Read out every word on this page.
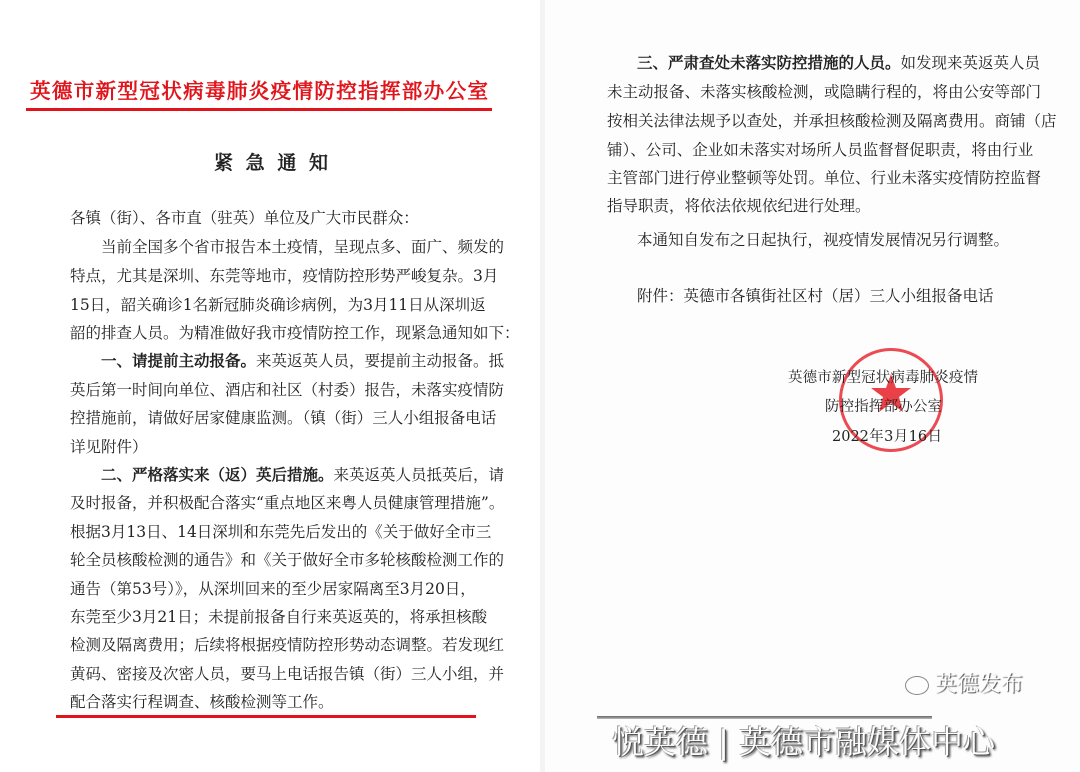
英德市新型冠状病毒肺炎疫情防控指挥部办公室
紧急通知
各镇（街）、各市直（驻英）单位及广大市民群众：
当前全国多个省市报告本土疫情，呈现点多、面广、频发的
特点，尤其是深圳、东莞等地市，疫情防控形势严峻复杂。3月
15日，韶关确诊1名新冠肺炎确诊病例，为3月11日从深圳返
韶的排查人员。为精准做好我市疫情防控工作，现紧急通知如下：
一、请提前主动报备。来英返英人员，要提前主动报备。抵
英后第一时间向单位、酒店和社区（村委）报告，未落实疫情防
控措施前，请做好居家健康监测。（镇（街）三人小组报备电话
详见附件）
二、严格落实来（返）英后措施。来英返英人员抵英后，请
及时报备，并积极配合落实“重点地区来粤人员健康管理措施”。
根据3月13日、14日深圳和东莞先后发出的《关于做好全市三
轮全员核酸检测的通告》和《关于做好全市多轮核酸检测工作的
通告（第53号）》，从深圳回来的至少居家隔离至3月20日，
东莞至少3月21日；未提前报备自行来英返英的，将承担核酸
检测及隔离费用；后续将根据疫情防控形势动态调整。若发现红
黄码、密接及次密人员，要马上电话报告镇（街）三人小组，并
配合落实行程调查、核酸检测等工作。
三、严肃查处未落实防控措施的人员。如发现来英返英人员
未主动报备、未落实核酸检测，或隐瞒行程的，将由公安等部门
按相关法律法规予以查处，并承担核酸检测及隔离费用。商铺（店
铺）、公司、企业如未落实对场所人员监督督促职责，将由行业
主管部门进行停业整顿等处罚。单位、行业未落实疫情防控监督
指导职责，将依法依规依纪进行处理。
本通知自发布之日起执行，视疫情发展情况另行调整。
附件：英德市各镇街社区村（居）三人小组报备电话
英德市新型冠状病毒肺炎疫情
防控指挥部办公室
2022年3月16日
英德发布
悦英德 | 英德市融媒体中心
